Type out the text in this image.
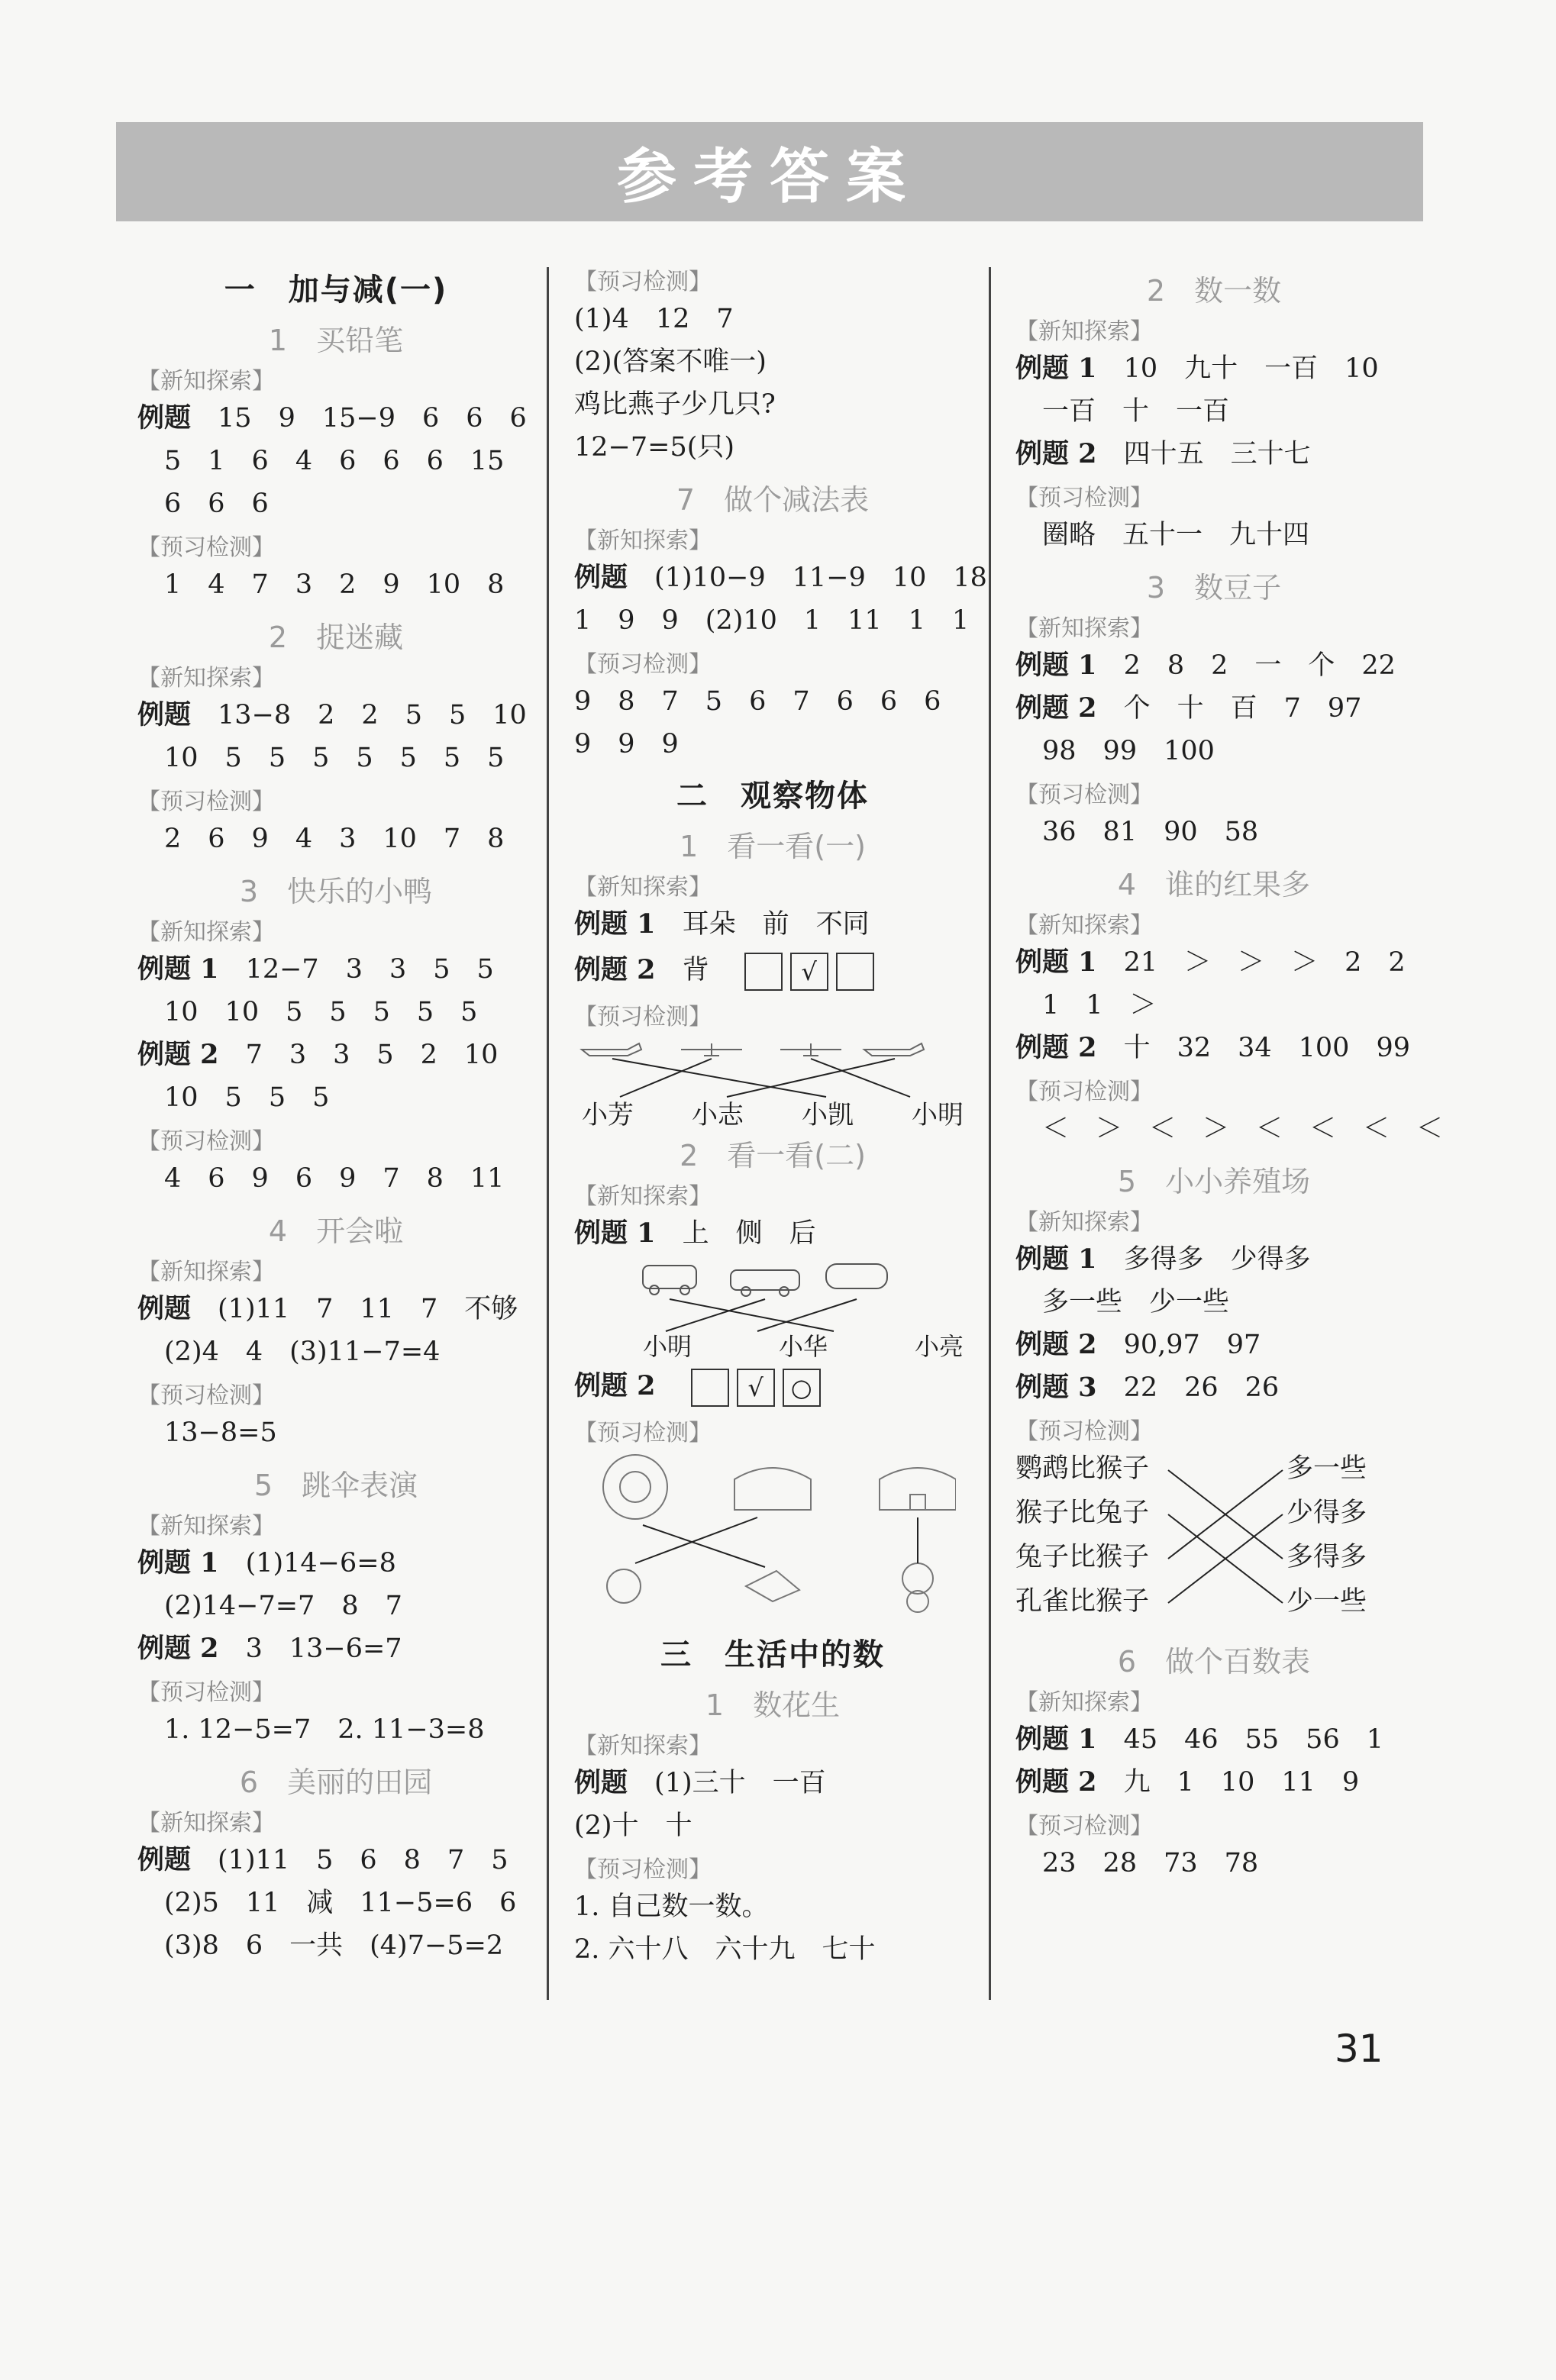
参考答案
一　加与减(一)
1　买铅笔
【新知探索】
例题　 15　9　15−9　6　6　6
　5　1　6　4　6　6　6　15
　6　6　6
【预习检测】
　1　4　7　3　2　9　10　8
2　捉迷藏
【新知探索】
例题　 13−8　2　2　5　5　10
　10　5　5　5　5　5　5　5
【预习检测】
　2　6　9　4　3　10　7　8
3　快乐的小鸭
【新知探索】
例题 1　 12−7　3　3　5　5
　10　10　5　5　5　5　5
例题 2　 7　3　3　5　2　10
　10　5　5　5
【预习检测】
　4　6　9　6　9　7　8　11
4　开会啦
【新知探索】
例题　 (1)11　7　11　7　不够
　(2)4　4　(3)11−7=4
【预习检测】
　13−8=5
5　跳伞表演
【新知探索】
例题 1　 (1)14−6=8
　(2)14−7=7　8　7
例题 2　 3　13−6=7
【预习检测】
　1. 12−5=7　2. 11−3=8
6　美丽的田园
【新知探索】
例题　 (1)11　5　6　8　7　5
　(2)5　11　减　11−5=6　6
　(3)8　6　一共　(4)7−5=2
【预习检测】
(1)4　12　7
(2)(答案不唯一)
鸡比燕子少几只?
12−7=5(只)
7　做个减法表
【新知探索】
例题　 (1)10−9　11−9　10　18
1　9　9　(2)10　1　11　1　1
【预习检测】
9　8　7　5　6　7　6　6　6
9　9　9
二　观察物体
1　看一看(一)
【新知探索】
例题 1　 耳朵　前　不同
例题 2　 背　	√
【预习检测】
小芳 小志 小凯 小明
2　看一看(二)
【新知探索】
例题 1　 上　侧　后
小明	小华	小亮
例题 2　	√ ○
【预习检测】
三　生活中的数
1　数花生
【新知探索】
例题　 (1)三十　一百
(2)十　十
【预习检测】
1. 自己数一数。
2. 六十八　六十九　七十
2　数一数
【新知探索】
例题 1　 10　九十　一百　10
　一百　十　一百
例题 2　 四十五　三十七
【预习检测】
　圈略　五十一　九十四
3　数豆子
【新知探索】
例题 1　 2　8　2　一　个　22
例题 2　 个　十　百　7　97
　98　99　100
【预习检测】
　36　81　90　58
4　谁的红果多
【新知探索】
例题 1　 21　＞　＞　＞　2　2
　1　1　＞
例题 2　 十　32　34　100　99
【预习检测】
　＜　＞　＜　＞　＜　＜　＜　＜
5　小小养殖场
【新知探索】
例题 1　 多得多　少得多
　多一些　少一些
例题 2　 90,97　97
例题 3　 22　26　26
【预习检测】
鹦鹉比猴子
猴子比兔子
兔子比猴子
孔雀比猴子
多一些
少得多
多得多
少一些
6　做个百数表
【新知探索】
例题 1　 45　46　55　56　1
例题 2　 九　1　10　11　9
【预习检测】
　23　28　73　78
31
